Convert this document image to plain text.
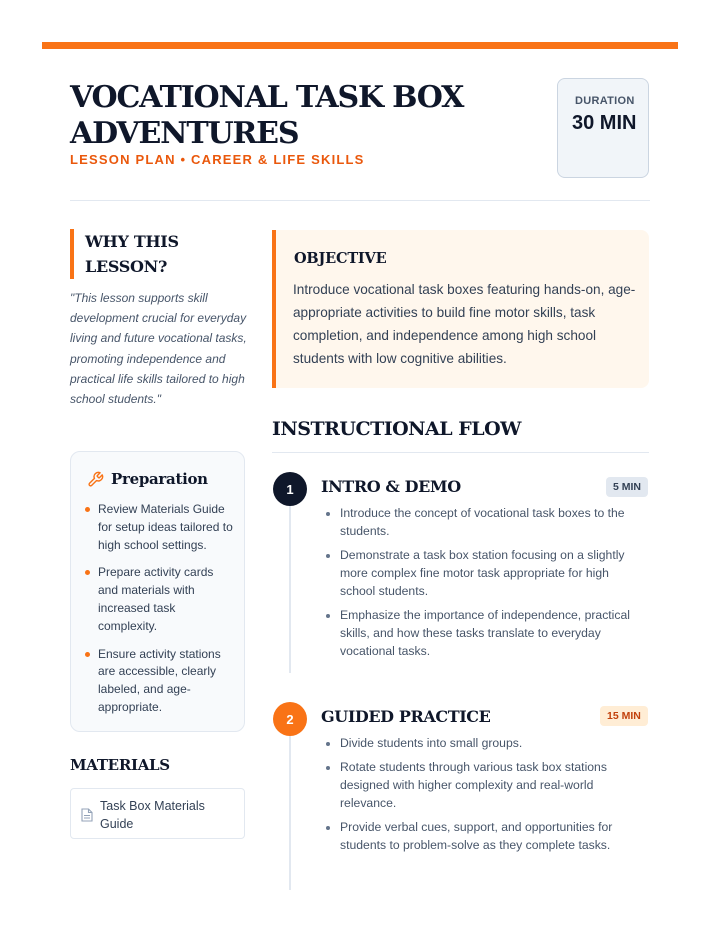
VOCATIONAL TASK BOX ADVENTURES
LESSON PLAN • CAREER & LIFE SKILLS
DURATION
30 MIN
WHY THIS LESSON?

"This lesson supports skill development crucial for everyday living and future vocational tasks, promoting independence and practical life skills tailored to high school students."

Preparation
Review Materials Guide for setup ideas tailored to high school settings.
Prepare activity cards and materials with increased task complexity.
Ensure activity stations are accessible, clearly labeled, and age-appropriate.
MATERIALS
Task Box Materials Guide
OBJECTIVE

Introduce vocational task boxes featuring hands-on, age-appropriate activities to build fine motor skills, task completion, and independence among high school students with low cognitive abilities.

INSTRUCTIONAL FLOW
1	INTRO & DEMO	5 MIN
Introduce the concept of vocational task boxes to the students.
Demonstrate a task box station focusing on a slightly more complex fine motor task appropriate for high school students.
Emphasize the importance of independence, practical skills, and how these tasks translate to everyday vocational tasks.
2	GUIDED PRACTICE	15 MIN
Divide students into small groups.
Rotate students through various task box stations designed with higher complexity and real-world relevance.
Provide verbal cues, support, and opportunities for students to problem-solve as they complete tasks.
